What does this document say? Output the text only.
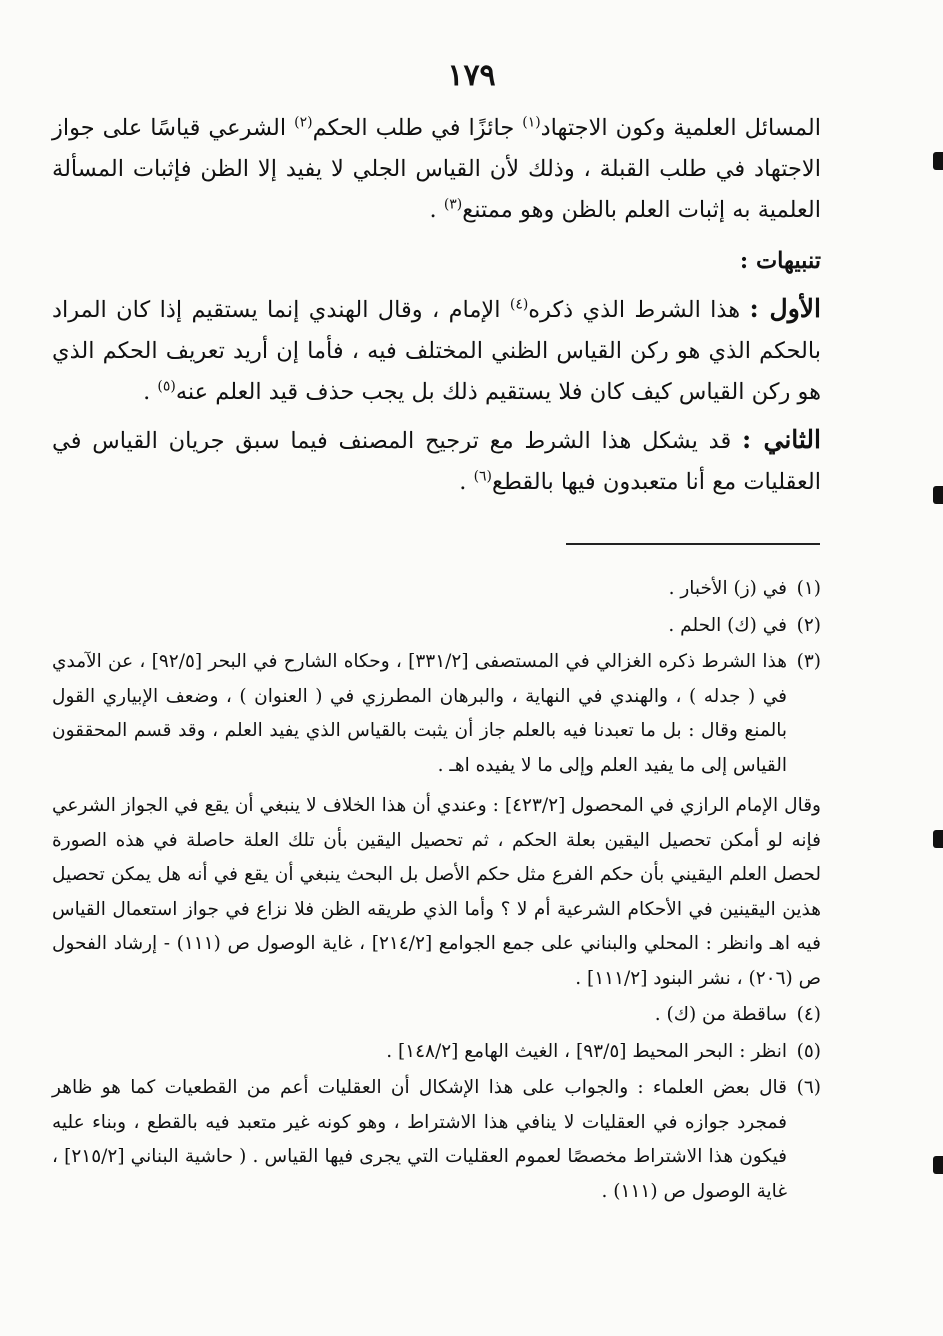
١٧٩

المسائل العلمية وكون الاجتهاد$^{(١)}$ جائزًا في طلب الحكم$^{(٢)}$ الشرعي قياسًا على جواز الاجتهاد في طلب القبلة ، وذلك لأن القياس الجلي لا يفيد إلا الظن فإثبات المسألة العلمية به إثبات العلم بالظن وهو ممتنع$^{(٣)}$ .

تنبيهات :

الأول : هذا الشرط الذي ذكره$^{(٤)}$ الإمام ، وقال الهندي إنما يستقيم إذا كان المراد بالحكم الذي هو ركن القياس الظني المختلف فيه ، فأما إن أريد تعريف الحكم الذي هو ركن القياس كيف كان فلا يستقيم ذلك بل يجب حذف قيد العلم عنه$^{(٥)}$ .

الثاني : قد يشكل هذا الشرط مع ترجيح المصنف فيما سبق جريان القياس في العقليات مع أنا متعبدون فيها بالقطع$^{(٦)}$ .

(١)

في (ز) الأخبار .

(٢)

في (ك) الحلم .

(٣)

هذا الشرط ذكره الغزالي في المستصفى [٣٣١/٢] ، وحكاه الشارح في البحر [٩٢/٥] ، عن الآمدي في ( جدله ) ، والهندي في النهاية ، والبرهان المطرزي في ( العنوان ) ، وضعف الإبياري القول بالمنع وقال : بل ما تعبدنا فيه بالعلم جاز أن يثبت بالقياس الذي يفيد العلم ، وقد قسم المحققون القياس إلى ما يفيد العلم وإلى ما لا يفيده اهـ .

وقال الإمام الرازي في المحصول [٤٢٣/٢] : وعندي أن هذا الخلاف لا ينبغي أن يقع في الجواز الشرعي فإنه لو أمكن تحصيل اليقين بعلة الحكم ، ثم تحصيل اليقين بأن تلك العلة حاصلة في هذه الصورة لحصل العلم اليقيني بأن حكم الفرع مثل حكم الأصل بل البحث ينبغي أن يقع في أنه هل يمكن تحصيل هذين اليقينين في الأحكام الشرعية أم لا ؟ وأما الذي طريقه الظن فلا نزاع في جواز استعمال القياس فيه اهـ وانظر : المحلي والبناني على جمع الجوامع [٢١٤/٢] ، غاية الوصول ص (١١١) - إرشاد الفحول ص (٢٠٦) ، نشر البنود [١١١/٢] .

(٤)

ساقطة من (ك) .

(٥)

انظر : البحر المحيط [٩٣/٥] ، الغيث الهامع [١٤٨/٢] .

(٦)

قال بعض العلماء : والجواب على هذا الإشكال أن العقليات أعم من القطعيات كما هو ظاهر فمجرد جوازه في العقليات لا ينافي هذا الاشتراط ، وهو كونه غير متعبد فيه بالقطع ، وبناء عليه فيكون هذا الاشتراط مخصصًا لعموم العقليات التي يجرى فيها القياس . ( حاشية البناني [٢١٥/٢] ، غاية الوصول ص (١١١) .
